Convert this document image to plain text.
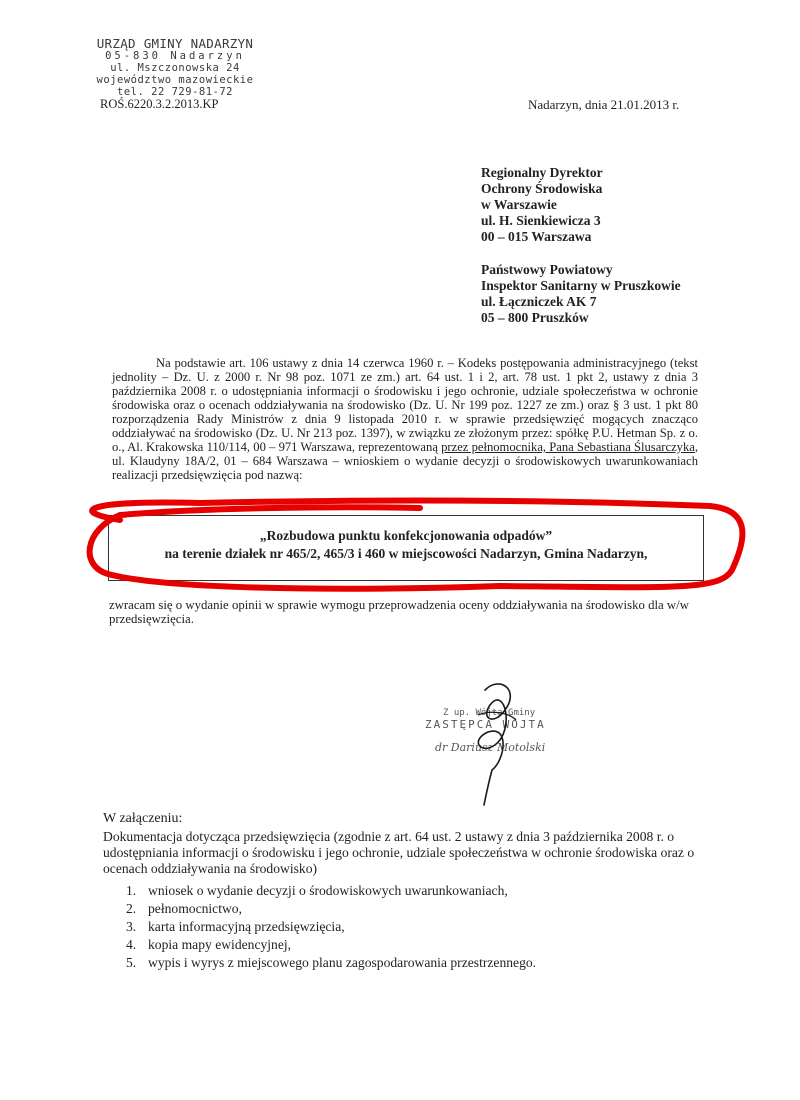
URZĄD GMINY NADARZYN
05-830 Nadarzyn
ul. Mszczonowska 24
województwo mazowieckie
tel. 22 729-81-72
ROŚ.6220.3.2.2013.KP	Nadarzyn, dnia 21.01.2013 r.
Regionalny Dyrektor
Ochrony Środowiska
w Warszawie
ul. H. Sienkiewicza 3
00 – 015 Warszawa
Państwowy Powiatowy
Inspektor Sanitarny w Pruszkowie
ul. Łączniczek AK 7
05 – 800 Pruszków
Na podstawie art. 106 ustawy z dnia 14 czerwca 1960 r. – Kodeks postępowania administracyjnego (tekst jednolity – Dz. U. z 2000 r. Nr 98 poz. 1071 ze zm.) art. 64 ust. 1 i 2, art. 78 ust. 1 pkt 2, ustawy z dnia 3 października 2008 r. o udostępniania informacji o środowisku i jego ochronie, udziale społeczeństwa w ochronie środowiska oraz o ocenach oddziaływania na środowisko (Dz. U. Nr 199 poz. 1227 ze zm.) oraz § 3 ust. 1 pkt 80 rozporządzenia Rady Ministrów z dnia 9 listopada 2010 r. w sprawie przedsięwzięć mogących znacząco oddziaływać na środowisko (Dz. U. Nr 213 poz. 1397), w związku ze złożonym przez: spółkę P.U. Hetman Sp. z o. o., Al. Krakowska 110/114, 00 – 971 Warszawa, reprezentowaną przez pełnomocnika, Pana Sebastiana Ślusarczyka, ul. Klaudyny 18A/2, 01 – 684 Warszawa – wnioskiem o wydanie decyzji o środowiskowych uwarunkowaniach realizacji przedsięwzięcia pod nazwą:
„Rozbudowa punktu konfekcjonowania odpadów”
na terenie działek nr 465/2, 465/3 i 460 w miejscowości Nadarzyn, Gmina Nadarzyn,
zwracam się o wydanie opinii w sprawie wymogu przeprowadzenia oceny oddziaływania na środowisko dla w/w przedsięwzięcia.
Z up. Wójta Gminy
ZASTĘPCA WÓJTA
dr Dariusz Motolski
W załączeniu:
Dokumentacja dotycząca przedsięwzięcia (zgodnie z art. 64 ust. 2 ustawy z dnia 3 października 2008 r. o udostępniania informacji o środowisku i jego ochronie, udziale społeczeństwa w ochronie środowiska oraz o ocenach oddziaływania na środowisko)
1. wniosek o wydanie decyzji o środowiskowych uwarunkowaniach,
2. pełnomocnictwo,
3. karta informacyjną przedsięwzięcia,
4. kopia mapy ewidencyjnej,
5. wypis i wyrys z miejscowego planu zagospodarowania przestrzennego.
